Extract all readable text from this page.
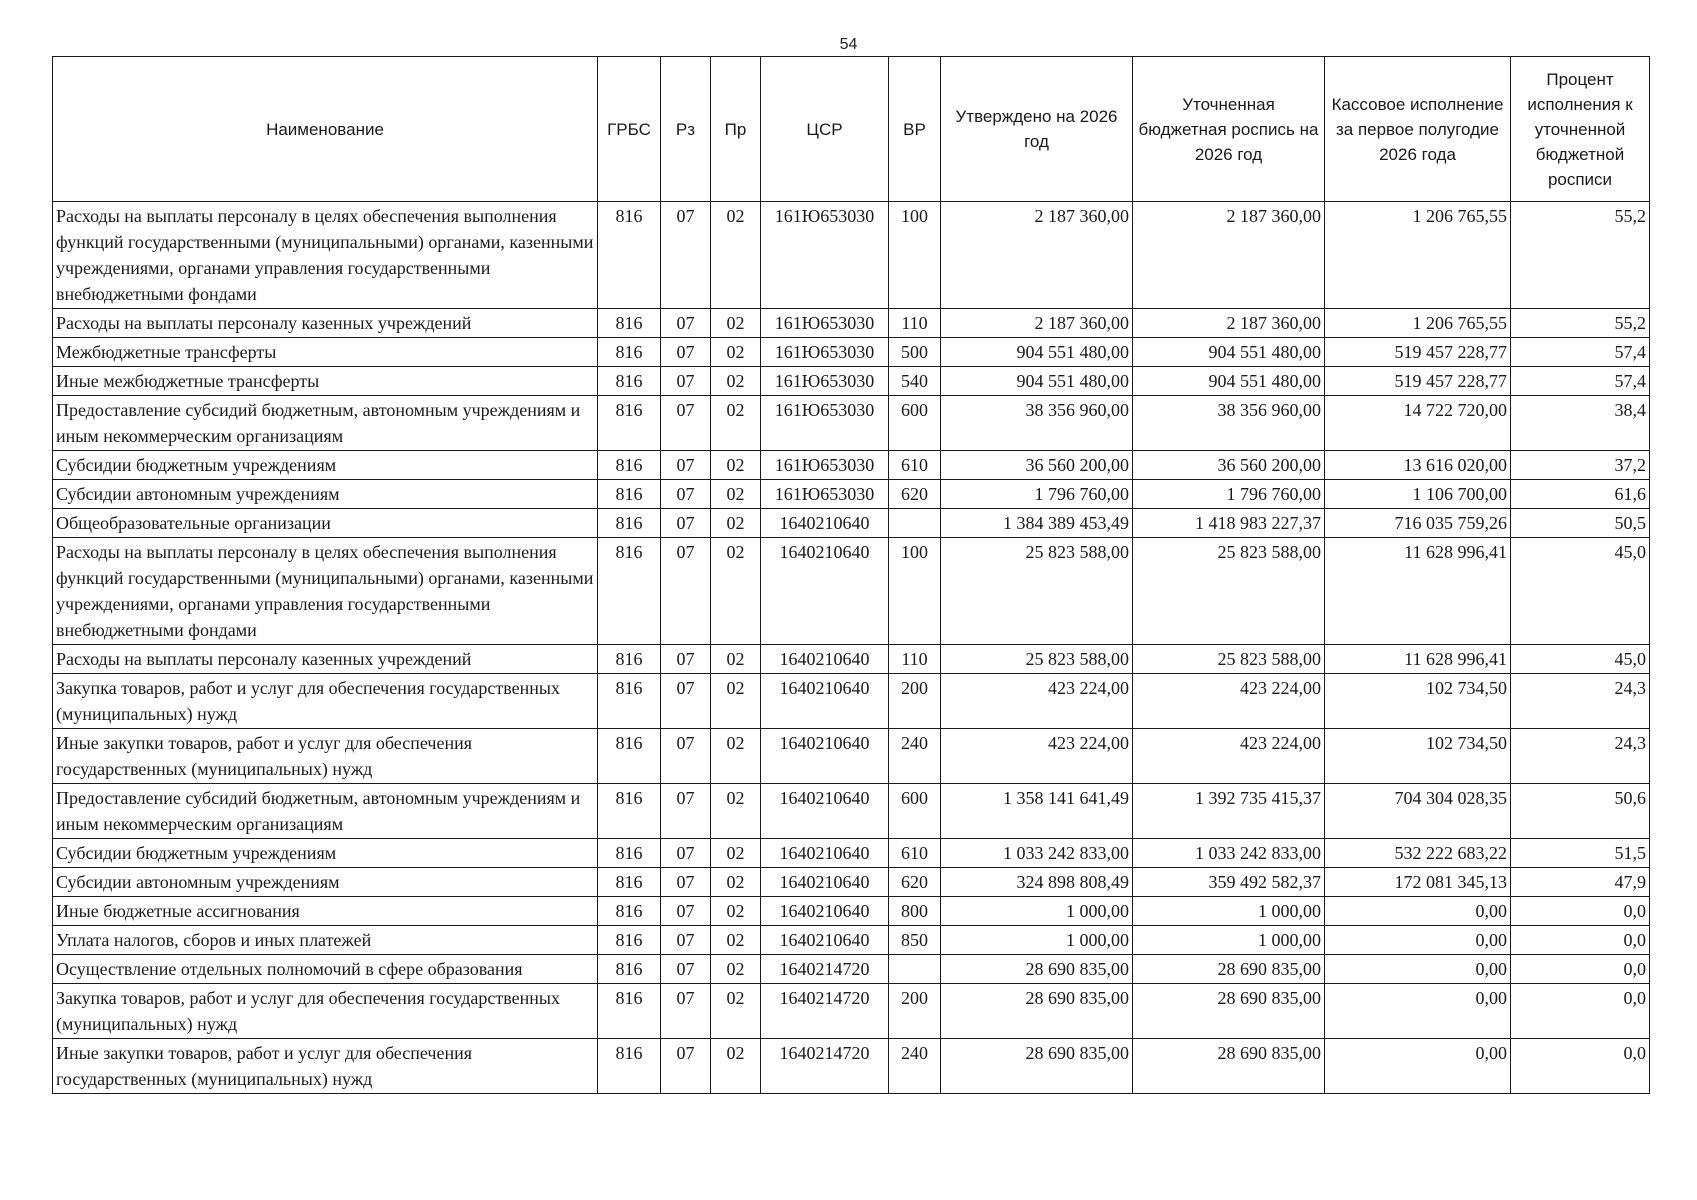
54
Наименование	ГРБС	Рз	Пр	ЦСР	ВР	Утверждено на 2026 год	Уточненная бюджетная роспись на 2026 год	Кассовое исполнение за первое полугодие 2026 года	Процент исполнения к уточненной бюджетной росписи
Расходы на выплаты персоналу в целях обеспечения выполнения функций государственными (муниципальными) органами, казенными учреждениями, органами управления государственными внебюджетными фондами	816	07	02	161Ю653030	100	2 187 360,00	2 187 360,00	1 206 765,55	55,2
Расходы на выплаты персоналу казенных учреждений	816	07	02	161Ю653030	110	2 187 360,00	2 187 360,00	1 206 765,55	55,2
Межбюджетные трансферты	816	07	02	161Ю653030	500	904 551 480,00	904 551 480,00	519 457 228,77	57,4
Иные межбюджетные трансферты	816	07	02	161Ю653030	540	904 551 480,00	904 551 480,00	519 457 228,77	57,4
Предоставление субсидий бюджетным, автономным учреждениям и иным некоммерческим организациям	816	07	02	161Ю653030	600	38 356 960,00	38 356 960,00	14 722 720,00	38,4
Субсидии бюджетным учреждениям	816	07	02	161Ю653030	610	36 560 200,00	36 560 200,00	13 616 020,00	37,2
Субсидии автономным учреждениям	816	07	02	161Ю653030	620	1 796 760,00	1 796 760,00	1 106 700,00	61,6
Общеобразовательные организации	816	07	02	1640210640		1 384 389 453,49	1 418 983 227,37	716 035 759,26	50,5
Расходы на выплаты персоналу в целях обеспечения выполнения функций государственными (муниципальными) органами, казенными учреждениями, органами управления государственными внебюджетными фондами	816	07	02	1640210640	100	25 823 588,00	25 823 588,00	11 628 996,41	45,0
Расходы на выплаты персоналу казенных учреждений	816	07	02	1640210640	110	25 823 588,00	25 823 588,00	11 628 996,41	45,0
Закупка товаров, работ и услуг для обеспечения государственных (муниципальных) нужд	816	07	02	1640210640	200	423 224,00	423 224,00	102 734,50	24,3
Иные закупки товаров, работ и услуг для обеспечения государственных (муниципальных) нужд	816	07	02	1640210640	240	423 224,00	423 224,00	102 734,50	24,3
Предоставление субсидий бюджетным, автономным учреждениям и иным некоммерческим организациям	816	07	02	1640210640	600	1 358 141 641,49	1 392 735 415,37	704 304 028,35	50,6
Субсидии бюджетным учреждениям	816	07	02	1640210640	610	1 033 242 833,00	1 033 242 833,00	532 222 683,22	51,5
Субсидии автономным учреждениям	816	07	02	1640210640	620	324 898 808,49	359 492 582,37	172 081 345,13	47,9
Иные бюджетные ассигнования	816	07	02	1640210640	800	1 000,00	1 000,00	0,00	0,0
Уплата налогов, сборов и иных платежей	816	07	02	1640210640	850	1 000,00	1 000,00	0,00	0,0
Осуществление отдельных полномочий в сфере образования	816	07	02	1640214720		28 690 835,00	28 690 835,00	0,00	0,0
Закупка товаров, работ и услуг для обеспечения государственных (муниципальных) нужд	816	07	02	1640214720	200	28 690 835,00	28 690 835,00	0,00	0,0
Иные закупки товаров, работ и услуг для обеспечения государственных (муниципальных) нужд	816	07	02	1640214720	240	28 690 835,00	28 690 835,00	0,00	0,0
